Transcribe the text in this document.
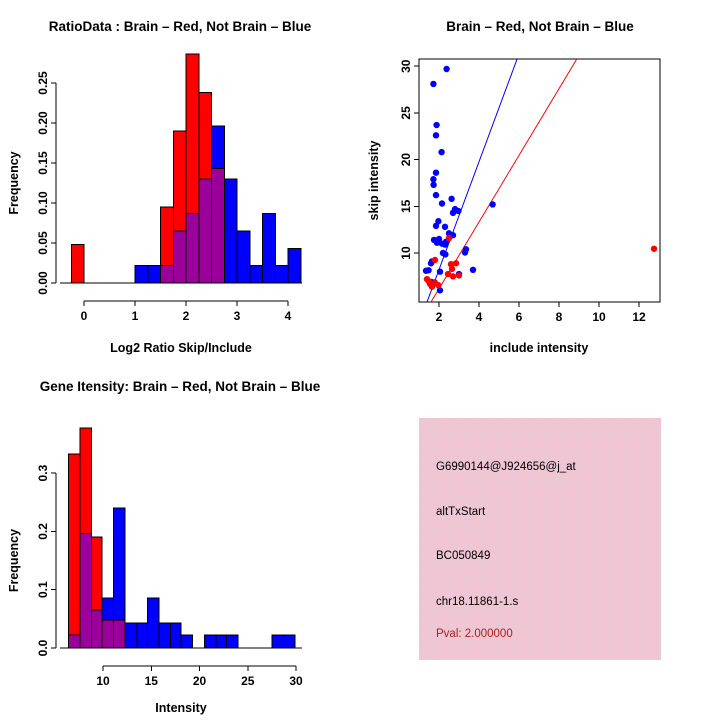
RatioData : Brain – Red, Not Brain – Blue
Log2 Ratio Skip/Include
Frequency
0	1	2	3	4
0.00
0.05
0.10
0.15
0.20
0.25
Brain – Red, Not Brain – Blue
include intensity
skip intensity
2	4	6	8 10 12
10
15
20
25
30
Gene Itensity: Brain – Red, Not Brain – Blue
Intensity
Frequency
10	15	20	25	30
0.0
0.1
0.2
0.3	G6990144@J924656@j_at
altTxStart
BC050849
chr18.11861-1.s
Pval: 2.000000
